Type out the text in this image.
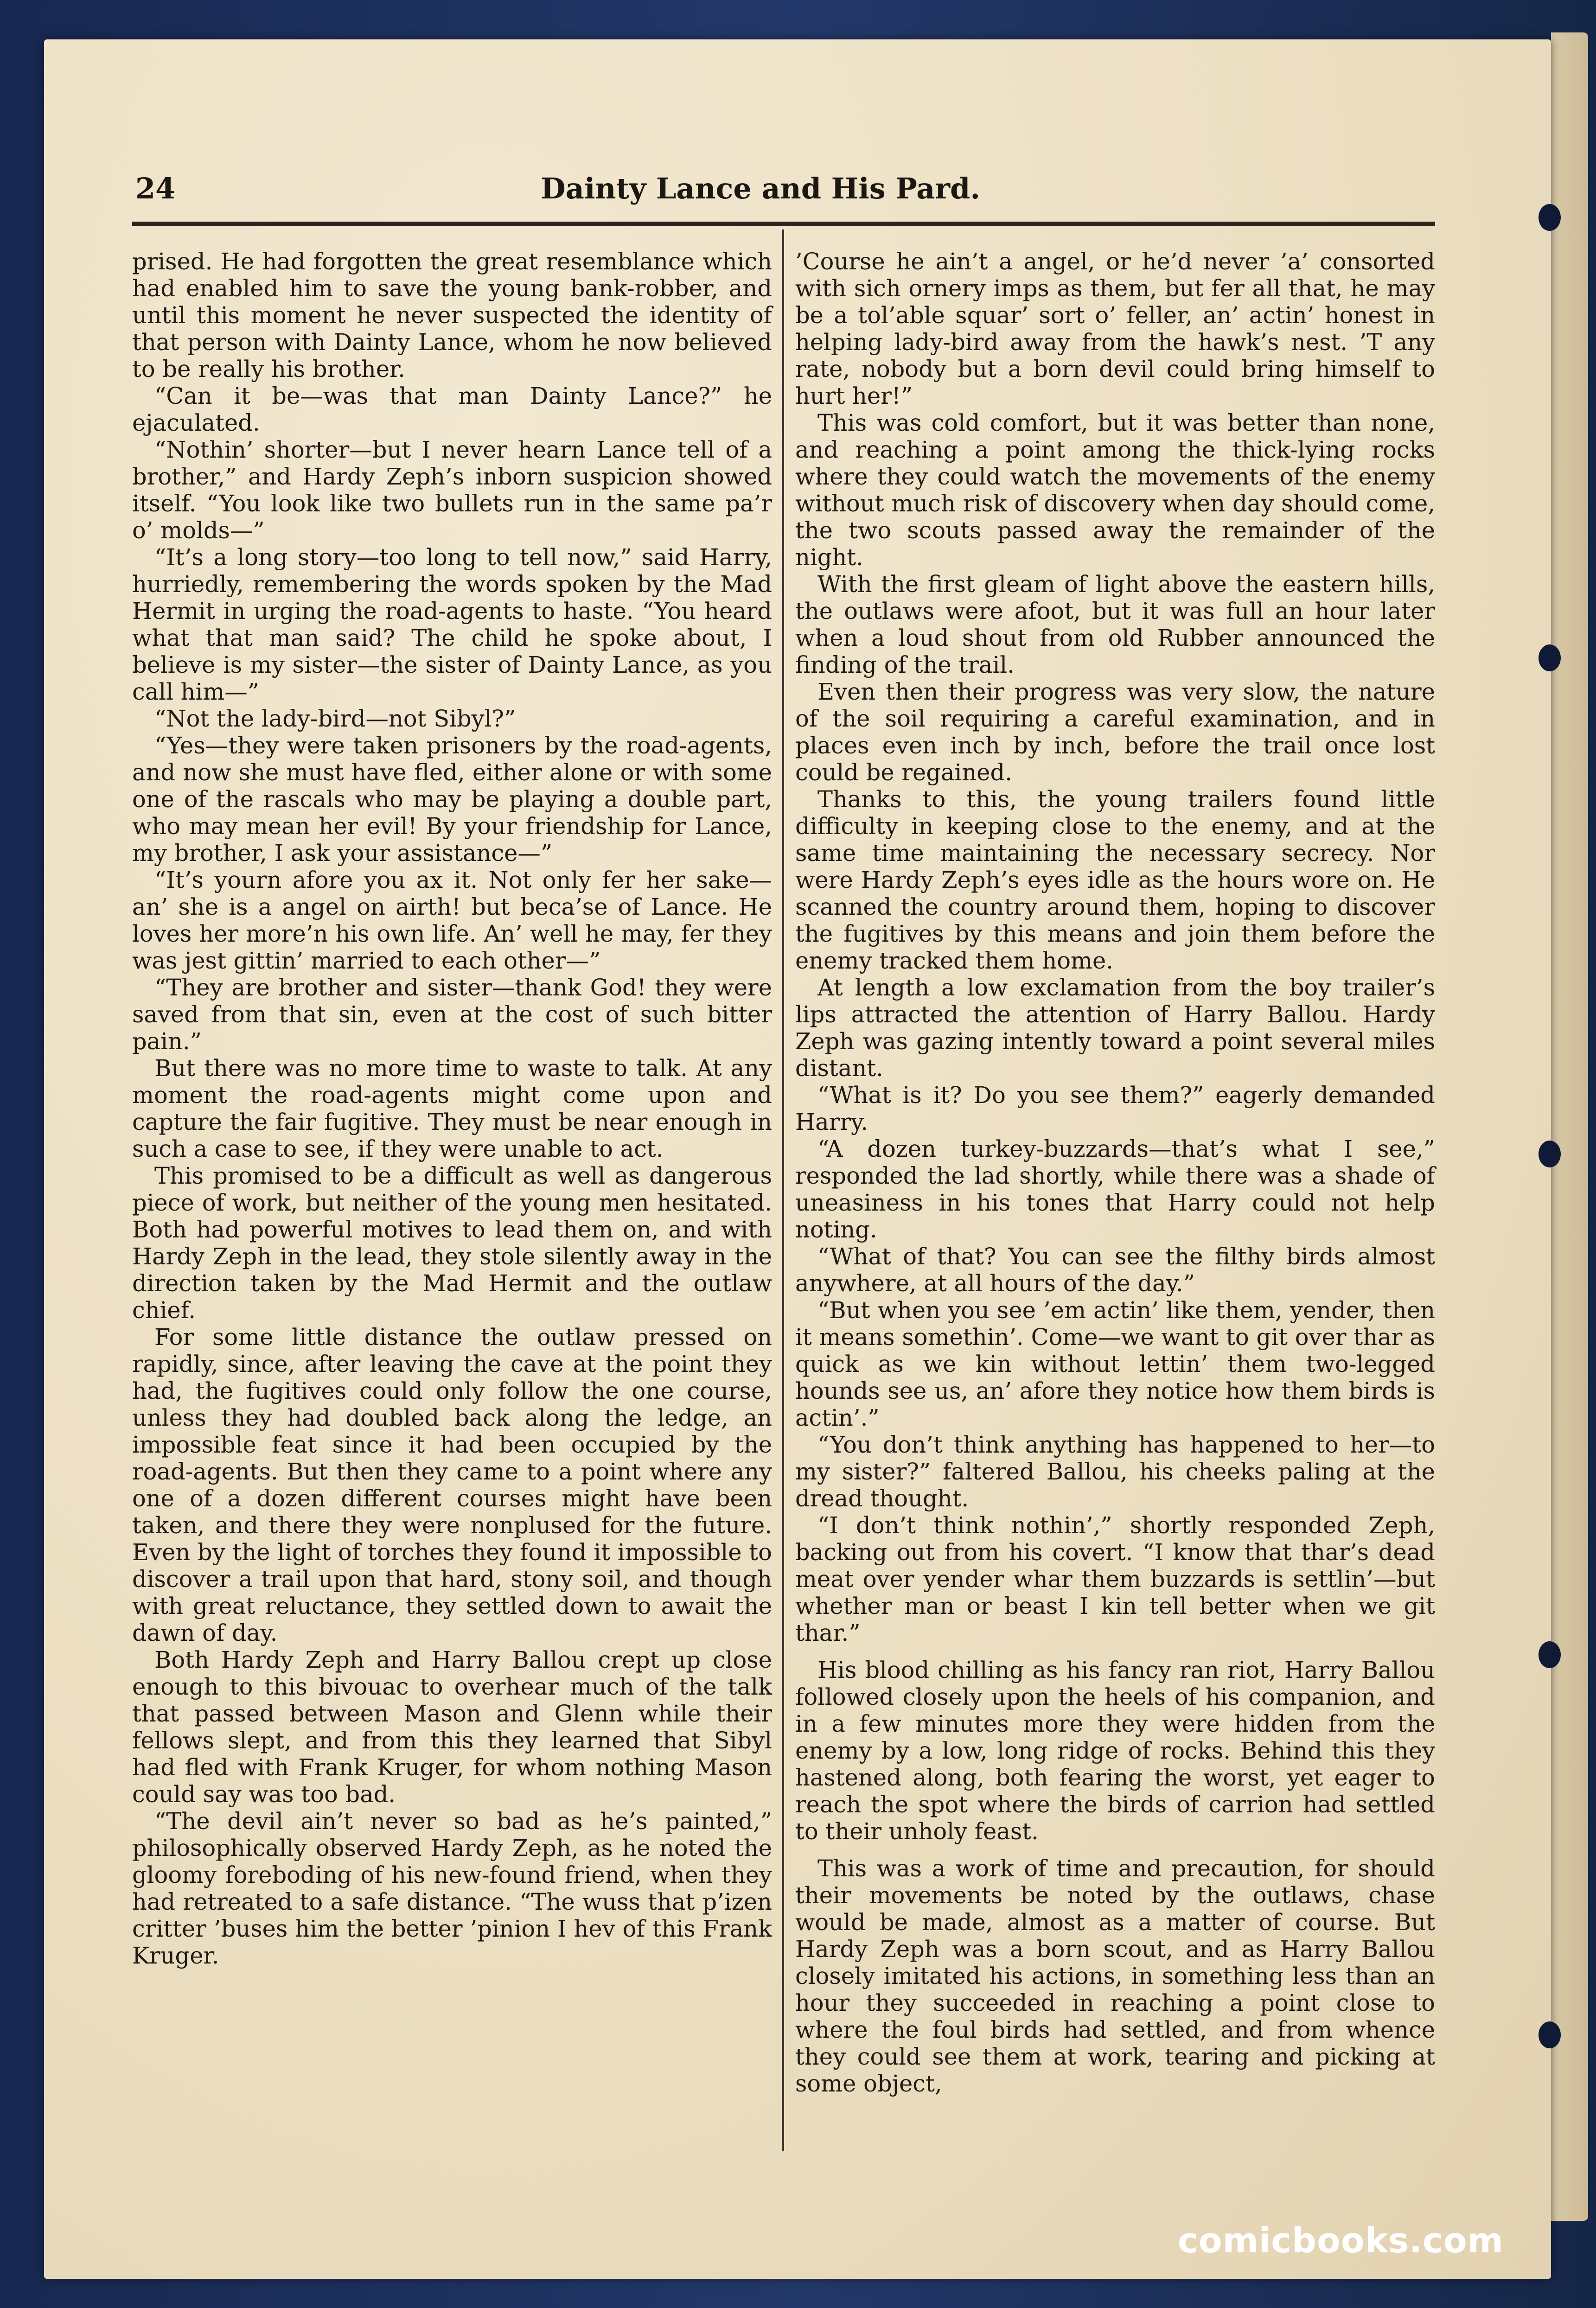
24	Dainty Lance and His Pard.

prised. He had forgotten the great resemblance which had enabled him to save the young bank-robber, and until this moment he never suspected the identity of that person with Dainty Lance, whom he now believed to be really his brother.

“Can it be—was that man Dainty Lance?” he ejaculated.

“Nothin’ shorter—but I never hearn Lance tell of a brother,” and Hardy Zeph’s inborn suspicion showed itself. “You look like two bullets run in the same pa’r o’ molds—”

“It’s a long story—too long to tell now,” said Harry, hurriedly, remembering the words spoken by the Mad Hermit in urging the road-agents to haste. “You heard what that man said? The child he spoke about, I believe is my sister—the sister of Dainty Lance, as you call him—”

“Not the lady-bird—not Sibyl?”

“Yes—they were taken prisoners by the road-agents, and now she must have fled, either alone or with some one of the rascals who may be playing a double part, who may mean her evil! By your friendship for Lance, my brother, I ask your assistance—”

“It’s yourn afore you ax it. Not only fer her sake—an’ she is a angel on airth! but beca’se of Lance. He loves her more’n his own life. An’ well he may, fer they was jest gittin’ married to each other—”

“They are brother and sister—thank God! they were saved from that sin, even at the cost of such bitter pain.”

But there was no more time to waste to talk. At any moment the road-agents might come upon and capture the fair fugitive. They must be near enough in such a case to see, if they were unable to act.

This promised to be a difficult as well as dangerous piece of work, but neither of the young men hesitated. Both had powerful motives to lead them on, and with Hardy Zeph in the lead, they stole silently away in the direction taken by the Mad Hermit and the outlaw chief.

For some little distance the outlaw pressed on rapidly, since, after leaving the cave at the point they had, the fugitives could only follow the one course, unless they had doubled back along the ledge, an impossible feat since it had been occupied by the road-agents. But then they came to a point where any one of a dozen different courses might have been taken, and there they were nonplused for the future. Even by the light of torches they found it impossible to discover a trail upon that hard, stony soil, and though with great reluctance, they settled down to await the dawn of day.

Both Hardy Zeph and Harry Ballou crept up close enough to this bivouac to overhear much of the talk that passed between Mason and Glenn while their fellows slept, and from this they learned that Sibyl had fled with Frank Kruger, for whom nothing Mason could say was too bad.

“The devil ain’t never so bad as he’s painted,” philosophically observed Hardy Zeph, as he noted the gloomy foreboding of his new-found friend, when they had retreated to a safe distance. “The wuss that p’izen critter ’buses him the better ’pinion I hev of this Frank Kruger.

’Course he ain’t a angel, or he’d never ’a’ consorted with sich ornery imps as them, but fer all that, he may be a tol’able squar’ sort o’ feller, an’ actin’ honest in helping lady-bird away from the hawk’s nest. ’T any rate, nobody but a born devil could bring himself to hurt her!”

This was cold comfort, but it was better than none, and reaching a point among the thick-lying rocks where they could watch the movements of the enemy without much risk of discovery when day should come, the two scouts passed away the remainder of the night.

With the first gleam of light above the eastern hills, the outlaws were afoot, but it was full an hour later when a loud shout from old Rubber announced the finding of the trail.

Even then their progress was very slow, the nature of the soil requiring a careful examination, and in places even inch by inch, before the trail once lost could be regained.

Thanks to this, the young trailers found little difficulty in keeping close to the enemy, and at the same time maintaining the necessary secrecy. Nor were Hardy Zeph’s eyes idle as the hours wore on. He scanned the country around them, hoping to discover the fugitives by this means and join them before the enemy tracked them home.

At length a low exclamation from the boy trailer’s lips attracted the attention of Harry Ballou. Hardy Zeph was gazing intently toward a point several miles distant.

“What is it? Do you see them?” eagerly demanded Harry.

“A dozen turkey-buzzards—that’s what I see,” responded the lad shortly, while there was a shade of uneasiness in his tones that Harry could not help noting.

“What of that? You can see the filthy birds almost anywhere, at all hours of the day.”

“But when you see ’em actin’ like them, yender, then it means somethin’. Come—we want to git over thar as quick as we kin without lettin’ them two-legged hounds see us, an’ afore they notice how them birds is actin’.”

“You don’t think anything has happened to her—to my sister?” faltered Ballou, his cheeks paling at the dread thought.

“I don’t think nothin’,” shortly responded Zeph, backing out from his covert. “I know that thar’s dead meat over yender whar them buzzards is settlin’—but whether man or beast I kin tell better when we git thar.”

His blood chilling as his fancy ran riot, Harry Ballou followed closely upon the heels of his companion, and in a few minutes more they were hidden from the enemy by a low, long ridge of rocks. Behind this they hastened along, both fearing the worst, yet eager to reach the spot where the birds of carrion had settled to their unholy feast.

This was a work of time and precaution, for should their movements be noted by the outlaws, chase would be made, almost as a matter of course. But Hardy Zeph was a born scout, and as Harry Ballou closely imitated his actions, in something less than an hour they succeeded in reaching a point close to where the foul birds had settled, and from whence they could see them at work, tearing and picking at some object,

comicbooks.com
